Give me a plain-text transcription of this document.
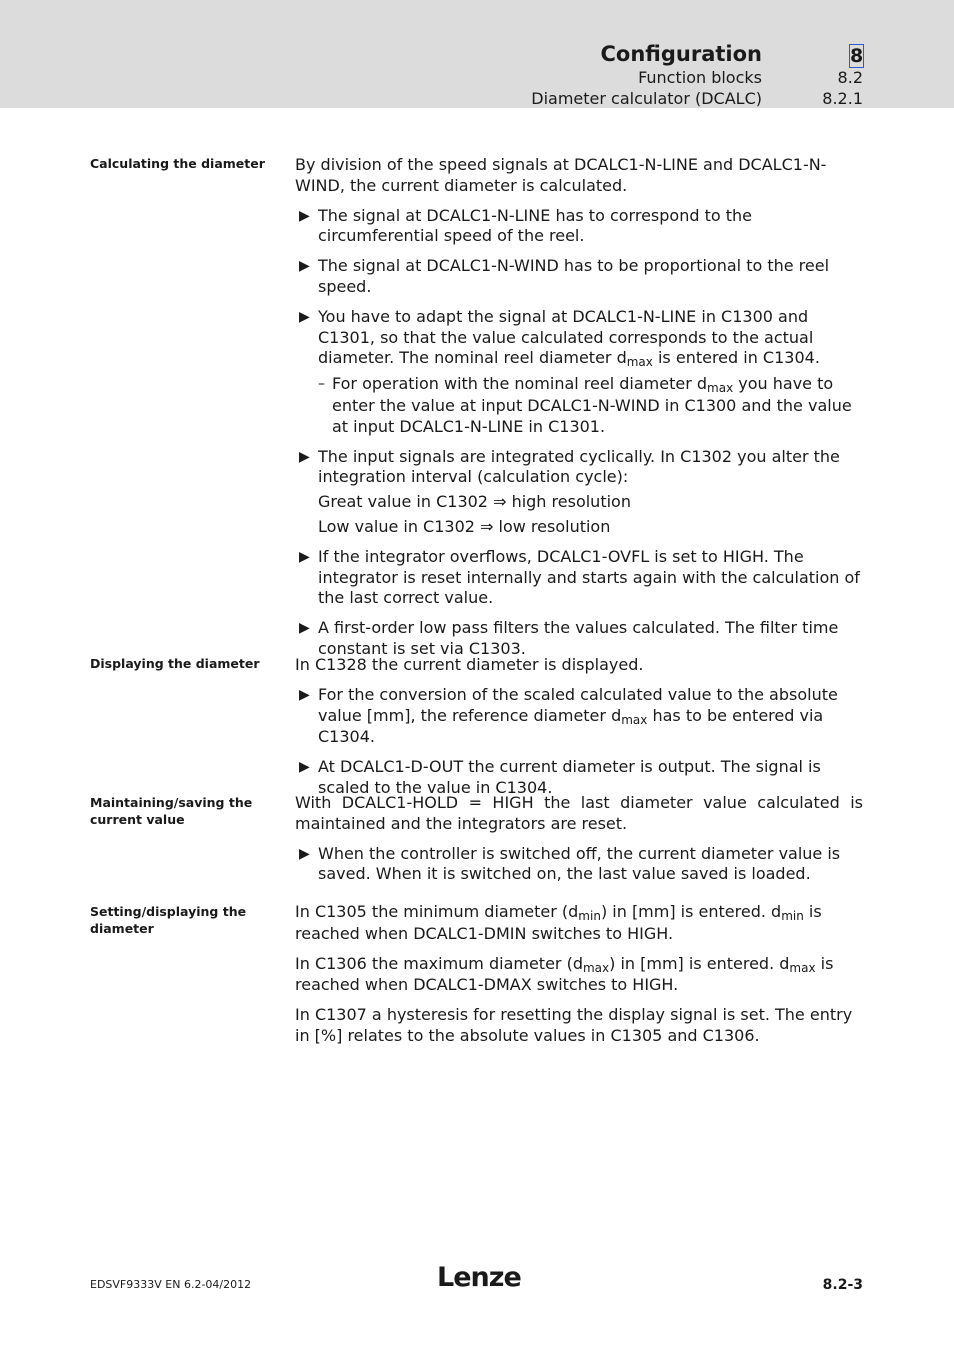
Configuration	8
Function blocks	8.2
Diameter calculator (DCALC)	8.2.1
Calculating the diameter	By division of the speed signals at DCALC1-N-LINE and DCALC1-N-WIND, the current diameter is calculated.

▶ The signal at DCALC1-N-LINE has to correspond to the circumferential speed of the reel.
▶ The signal at DCALC1-N-WIND has to be proportional to the reel speed.
▶ You have to adapt the signal at DCALC1-N-LINE in C1300 and C1301, so that the value calculated corresponds to the actual diameter. The nominal reel diameter dmax is entered in C1304.
– For operation with the nominal reel diameter dmax you have to enter the value at input DCALC1-N-WIND in C1300 and the value at input DCALC1-N-LINE in C1301.
▶ The input signals are integrated cyclically. In C1302 you alter the integration interval (calculation cycle):
Great value in C1302 ⇒ high resolution
Low value in C1302 ⇒ low resolution
▶ If the integrator overflows, DCALC1-OVFL is set to HIGH. The integrator is reset internally and starts again with the calculation of the last correct value.
▶ A first-order low pass filters the values calculated. The filter time constant is set via C1303.
Displaying the diameter	In C1328 the current diameter is displayed.

▶ For the conversion of the scaled calculated value to the absolute value [mm], the reference diameter dmax has to be entered via C1304.
▶ At DCALC1-D-OUT the current diameter is output. The signal is scaled to the value in C1304.
Maintaining/saving the current value
With DCALC1-HOLD = HIGH the last diameter value calculated is

maintained and the integrators are reset.

▶ When the controller is switched off, the current diameter value is saved. When it is switched on, the last value saved is loaded.
Setting/displaying the diameter

In C1305 the minimum diameter (dmin) in [mm] is entered. dmin is reached when DCALC1-DMIN switches to HIGH.

In C1306 the maximum diameter (dmax) in [mm] is entered. dmax is reached when DCALC1-DMAX switches to HIGH.

In C1307 a hysteresis for resetting the display signal is set. The entry in [%] relates to the absolute values in C1305 and C1306.

EDSVF9333V EN 6.2-04/2012	Lenze	8.2-3
